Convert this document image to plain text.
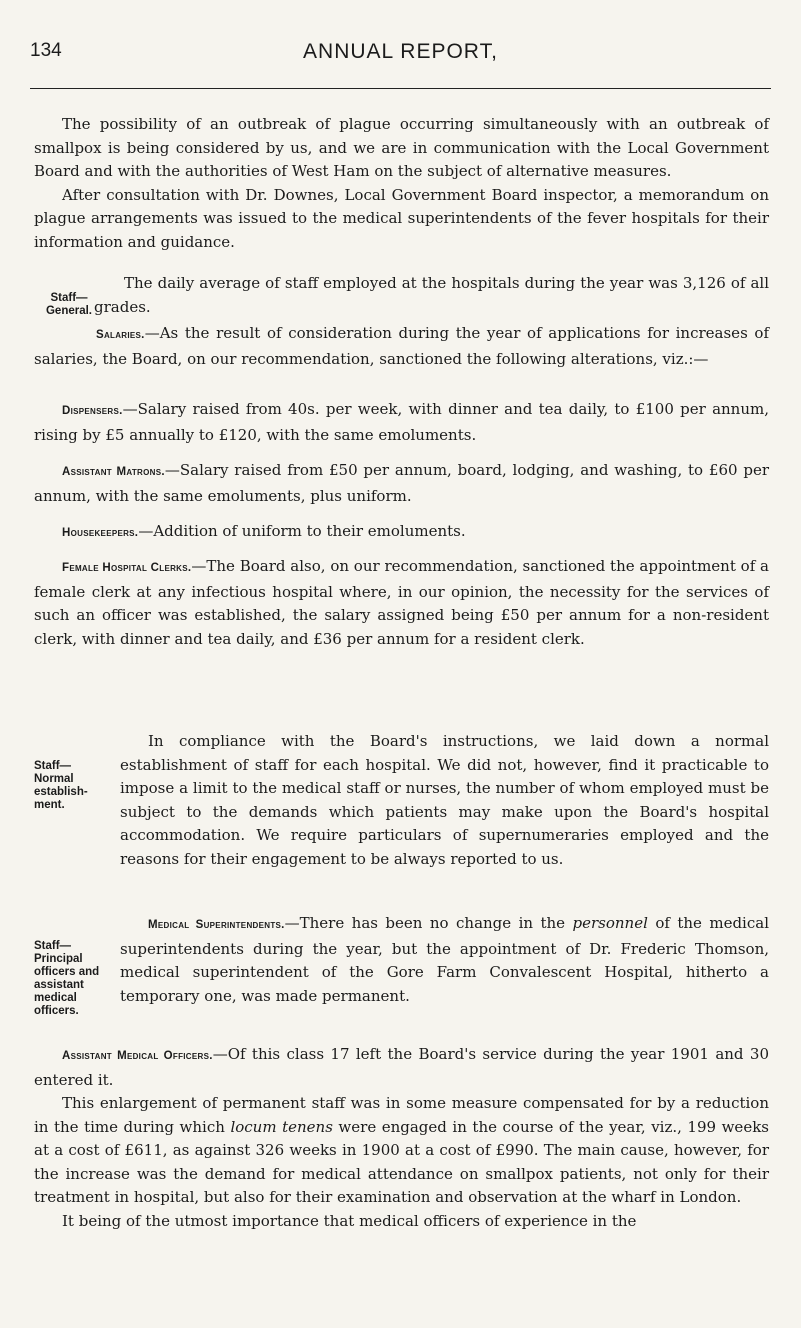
134	ANNUAL REPORT,

The possibility of an outbreak of plague occurring simultaneously with an outbreak of smallpox is being considered by us, and we are in communication with the Local Government Board and with the authorities of West Ham on the subject of alternative measures.

After consultation with Dr. Downes, Local Government Board inspector, a memorandum on plague arrangements was issued to the medical superintendents of the fever hospitals for their information and guidance.

Staff— General.

The daily average of staff employed at the hospitals during the year was 3,126 of all grades.

Salaries.—As the result of consideration during the year of applications for increases of salaries, the Board, on our recommendation, sanctioned the following alterations, viz.:—

Dispensers.—Salary raised from 40s. per week, with dinner and tea daily, to £100 per annum, rising by £5 annually to £120, with the same emoluments.

Assistant Matrons.—Salary raised from £50 per annum, board, lodging, and washing, to £60 per annum, with the same emoluments, plus uniform.

Housekeepers.—Addition of uniform to their emoluments.

Female Hospital Clerks.—The Board also, on our recommendation, sanctioned the appointment of a female clerk at any infectious hospital where, in our opinion, the necessity for the services of such an officer was established, the salary assigned being £50 per annum for a non-resident clerk, with dinner and tea daily, and £36 per annum for a resident clerk.

Staff— Normal establish- ment.

In compliance with the Board's instructions, we laid down a normal establishment of staff for each hospital. We did not, however, find it practicable to impose a limit to the medical staff or nurses, the number of whom employed must be subject to the demands which patients may make upon the Board's hospital accommodation. We require particulars of supernumeraries employed and the reasons for their engagement to be always reported to us.

Staff— Principal officers and assistant medical officers.

Medical Superintendents.—There has been no change in the personnel of the medical superintendents during the year, but the appointment of Dr. Frederic Thomson, medical superintendent of the Gore Farm Convalescent Hospital, hitherto a temporary one, was made permanent.

Assistant Medical Officers.—Of this class 17 left the Board's service during the year 1901 and 30 entered it.

This enlargement of permanent staff was in some measure compensated for by a reduction in the time during which locum tenens were engaged in the course of the year, viz., 199 weeks at a cost of £611, as against 326 weeks in 1900 at a cost of £990. The main cause, however, for the increase was the demand for medical attendance on smallpox patients, not only for their treatment in hospital, but also for their examination and observation at the wharf in London.

It being of the utmost importance that medical officers of experience in the
